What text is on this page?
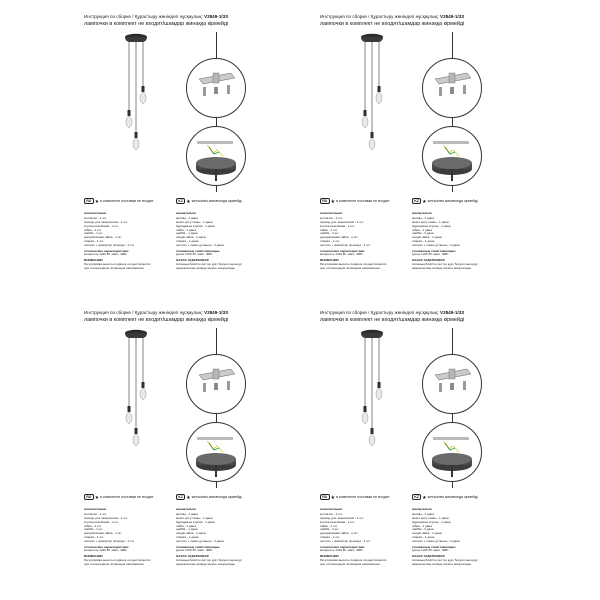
Инструкция по сборке / Құрастыру жөніндегі нұсқаулық: V2849-1/3S
лампочки в комплект не входят/шамдар жинаққа кірмейді
RU ★в комплекте поставки не входит	KZ ★жеткізілім жинағында кірмейді
комплектация:
колпачок - 1 шт.
провод для заземления - 1 шт.
втулка резьбовая - 1 шт.
гайка - 1 шт.
шайба - 1 шт.
декоративная гайка - 1 шт.
планка - 1 шт.
шплинт + фиксатор провода - 2 шт.
технические характеристики:
мощность 1x60 Вт. макс. 40Вт
ВНИМАНИЕ!
Регулировка высоты подвеса осуществляется
при отключенном питающем напряжении.
жинақталым:
қалпақ - 1 дана
жерге қосу сымы - 1 дана
бұрандалы втулка - 1 дана
гайка - 1 дана
шайба - 1 дана
сәндік гайка - 1 дана
планка - 1 дана
шплинт + сымы ұстағыш - 2 дана
техникалық сипаттамалары:
қуаты 1x60 Вт. макс. 40Вт
НАЗАР АУДАРЫҢЫЗ!
Аспаның биіктігін реттеу қуат беруші кернеуді
ажыратылған кезінде жүзеге асырылады.
Инструкция по сборке / Құрастыру жөніндегі нұсқаулық: V2849-1/3S
лампочки в комплект не входят/шамдар жинаққа кірмейді
RU ★в комплекте поставки не входит	KZ ★жеткізілім жинағында кірмейді
комплектация:
колпачок - 1 шт.
провод для заземления - 1 шт.
втулка резьбовая - 1 шт.
гайка - 1 шт.
шайба - 1 шт.
декоративная гайка - 1 шт.
планка - 1 шт.
шплинт + фиксатор провода - 2 шт.
технические характеристики:
мощность 1x60 Вт. макс. 40Вт
ВНИМАНИЕ!
Регулировка высоты подвеса осуществляется
при отключенном питающем напряжении.
жинақталым:
қалпақ - 1 дана
жерге қосу сымы - 1 дана
бұрандалы втулка - 1 дана
гайка - 1 дана
шайба - 1 дана
сәндік гайка - 1 дана
планка - 1 дана
шплинт + сымы ұстағыш - 2 дана
техникалық сипаттамалары:
қуаты 1x60 Вт. макс. 40Вт
НАЗАР АУДАРЫҢЫЗ!
Аспаның биіктігін реттеу қуат беруші кернеуді
ажыратылған кезінде жүзеге асырылады.
Инструкция по сборке / Құрастыру жөніндегі нұсқаулық: V2849-1/3S
лампочки в комплект не входят/шамдар жинаққа кірмейді
RU ★в комплекте поставки не входит	KZ ★жеткізілім жинағында кірмейді
комплектация:
колпачок - 1 шт.
провод для заземления - 1 шт.
втулка резьбовая - 1 шт.
гайка - 1 шт.
шайба - 1 шт.
декоративная гайка - 1 шт.
планка - 1 шт.
шплинт + фиксатор провода - 2 шт.
технические характеристики:
мощность 1x60 Вт. макс. 40Вт
ВНИМАНИЕ!
Регулировка высоты подвеса осуществляется
при отключенном питающем напряжении.
жинақталым:
қалпақ - 1 дана
жерге қосу сымы - 1 дана
бұрандалы втулка - 1 дана
гайка - 1 дана
шайба - 1 дана
сәндік гайка - 1 дана
планка - 1 дана
шплинт + сымы ұстағыш - 2 дана
техникалық сипаттамалары:
қуаты 1x60 Вт. макс. 40Вт
НАЗАР АУДАРЫҢЫЗ!
Аспаның биіктігін реттеу қуат беруші кернеуді
ажыратылған кезінде жүзеге асырылады.
Инструкция по сборке / Құрастыру жөніндегі нұсқаулық: V2849-1/3S
лампочки в комплект не входят/шамдар жинаққа кірмейді
RU ★в комплекте поставки не входит	KZ ★жеткізілім жинағында кірмейді
комплектация:
колпачок - 1 шт.
провод для заземления - 1 шт.
втулка резьбовая - 1 шт.
гайка - 1 шт.
шайба - 1 шт.
декоративная гайка - 1 шт.
планка - 1 шт.
шплинт + фиксатор провода - 2 шт.
технические характеристики:
мощность 1x60 Вт. макс. 40Вт
ВНИМАНИЕ!
Регулировка высоты подвеса осуществляется
при отключенном питающем напряжении.
жинақталым:
қалпақ - 1 дана
жерге қосу сымы - 1 дана
бұрандалы втулка - 1 дана
гайка - 1 дана
шайба - 1 дана
сәндік гайка - 1 дана
планка - 1 дана
шплинт + сымы ұстағыш - 2 дана
техникалық сипаттамалары:
қуаты 1x60 Вт. макс. 40Вт
НАЗАР АУДАРЫҢЫЗ!
Аспаның биіктігін реттеу қуат беруші кернеуді
ажыратылған кезінде жүзеге асырылады.
